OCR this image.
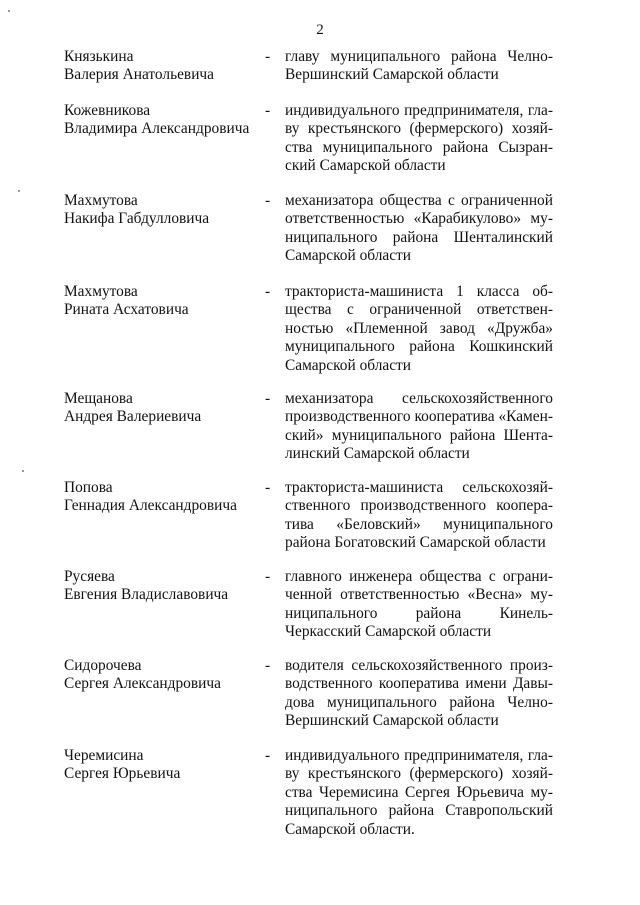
2
Князькина
Валерия Анатольевича
- главу муниципального района Челно-
Вершинский Самарской области
Кожевникова
Владимира Александровича
- индивидуального предпринимателя, гла-
ву крестьянского (фермерского) хозяй-
ства муниципального района Сызран-
ский Самарской области
Махмутова
Накифа Габдулловича
- механизатора общества с ограниченной
ответственностью «Карабикулово» му-
ниципального района Шенталинский
Самарской области
Махмутова
Рината Асхатовича
- тракториста-машиниста 1 класса об-
щества с ограниченной ответствен-
ностью «Племенной завод «Дружба»
муниципального района Кошкинский
Самарской области
Мещанова
Андрея Валериевича
- механизатора сельскохозяйственного
производственного кооператива «Камен-
ский» муниципального района Шента-
линский Самарской области
Попова
Геннадия Александровича
- тракториста-машиниста сельскохозяй-
ственного производственного коопера-
тива «Беловский» муниципального
района Богатовский Самарской области
Русяева
Евгения Владиславовича
- главного инженера общества с ограни-
ченной ответственностью «Весна» му-
ниципального района Кинель-
Черкасский Самарской области
Сидорочева
Сергея Александровича
- водителя сельскохозяйственного произ-
водственного кооператива имени Давы-
дова муниципального района Челно-
Вершинский Самарской области
Черемисина
Сергея Юрьевича
- индивидуального предпринимателя, гла-
ву крестьянского (фермерского) хозяй-
ства Черемисина Сергея Юрьевича му-
ниципального района Ставропольский
Самарской области.
